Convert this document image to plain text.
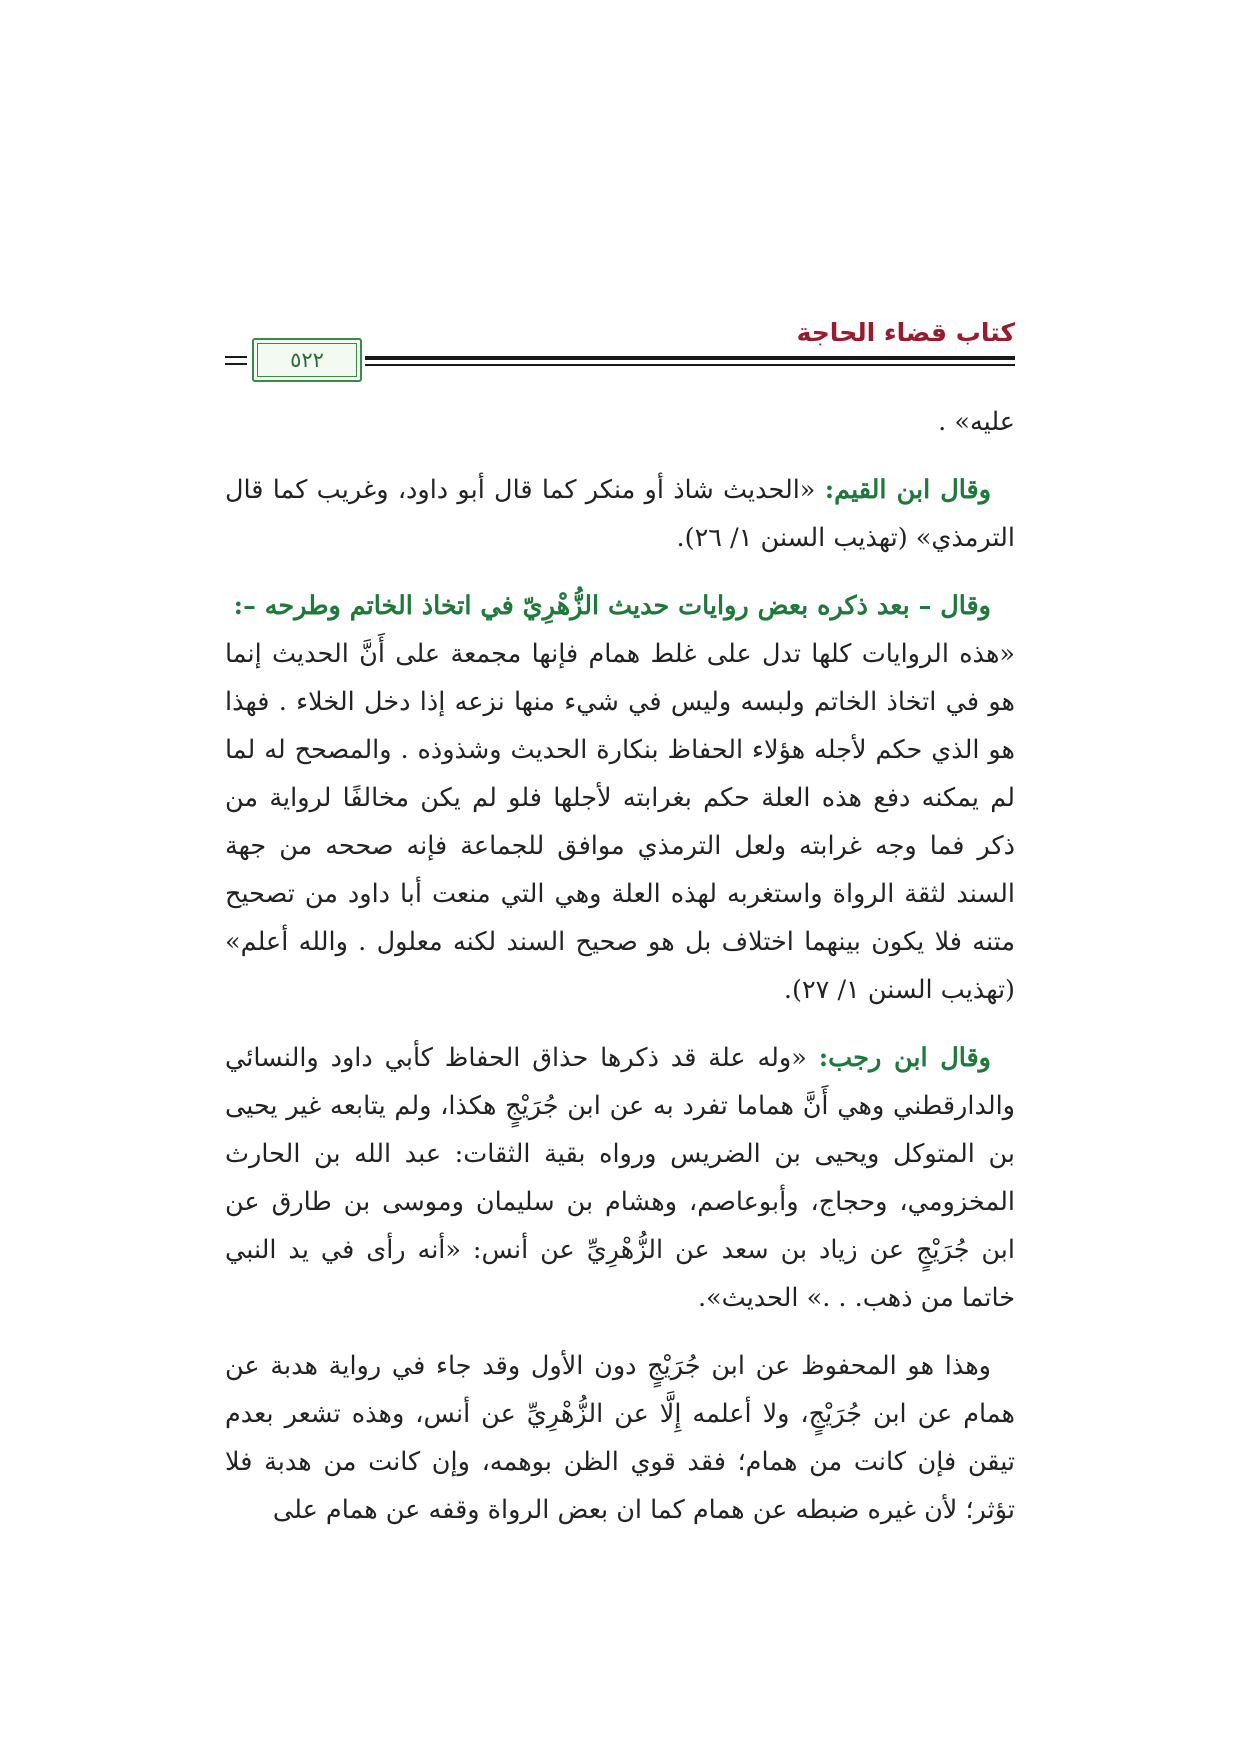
كتاب قضاء الحاجة
٥٢٢

عليه» .

وقال ابن القيم: «الحديث شاذ أو منكر كما قال أبو داود، وغريب كما قال الترمذي» (تهذيب السنن ١/ ٢٦).

وقال – بعد ذكره بعض روايات حديث الزُّهْرِيّ في اتخاذ الخاتم وطرحه –:

«هذه الروايات كلها تدل على غلط همام فإنها مجمعة على أَنَّ الحديث إنما هو في اتخاذ الخاتم ولبسه وليس في شيء منها نزعه إذا دخل الخلاء . فهذا هو الذي حكم لأجله هؤلاء الحفاظ بنكارة الحديث وشذوذه . والمصحح له لما لم يمكنه دفع هذه العلة حكم بغرابته لأجلها فلو لم يكن مخالفًا لرواية من ذكر فما وجه غرابته ولعل الترمذي موافق للجماعة فإنه صححه من جهة السند لثقة الرواة واستغربه لهذه العلة وهي التي منعت أبا داود من تصحيح متنه فلا يكون بينهما اختلاف بل هو صحيح السند لكنه معلول . والله أعلم» (تهذيب السنن ١/ ٢٧).

وقال ابن رجب: «وله علة قد ذكرها حذاق الحفاظ كأبي داود والنسائي والدارقطني وهي أَنَّ هماما تفرد به عن ابن جُرَيْجٍ هكذا، ولم يتابعه غير يحيى بن المتوكل ويحيى بن الضريس ورواه بقية الثقات: عبد الله بن الحارث المخزومي، وحجاج، وأبوعاصم، وهشام بن سليمان وموسى بن طارق عن ابن جُرَيْجٍ عن زياد بن سعد عن الزُّهْرِيِّ عن أنس: «أنه رأى في يد النبي خاتما من ذهب. . .» الحديث».

وهذا هو المحفوظ عن ابن جُرَيْجٍ دون الأول وقد جاء في رواية هدبة عن همام عن ابن جُرَيْجٍ، ولا أعلمه إِلَّا عن الزُّهْرِيِّ عن أنس، وهذه تشعر بعدم تيقن فإن كانت من همام؛ فقد قوي الظن بوهمه، وإن كانت من هدبة فلا تؤثر؛ لأن غيره ضبطه عن همام كما ان بعض الرواة وقفه عن همام على
